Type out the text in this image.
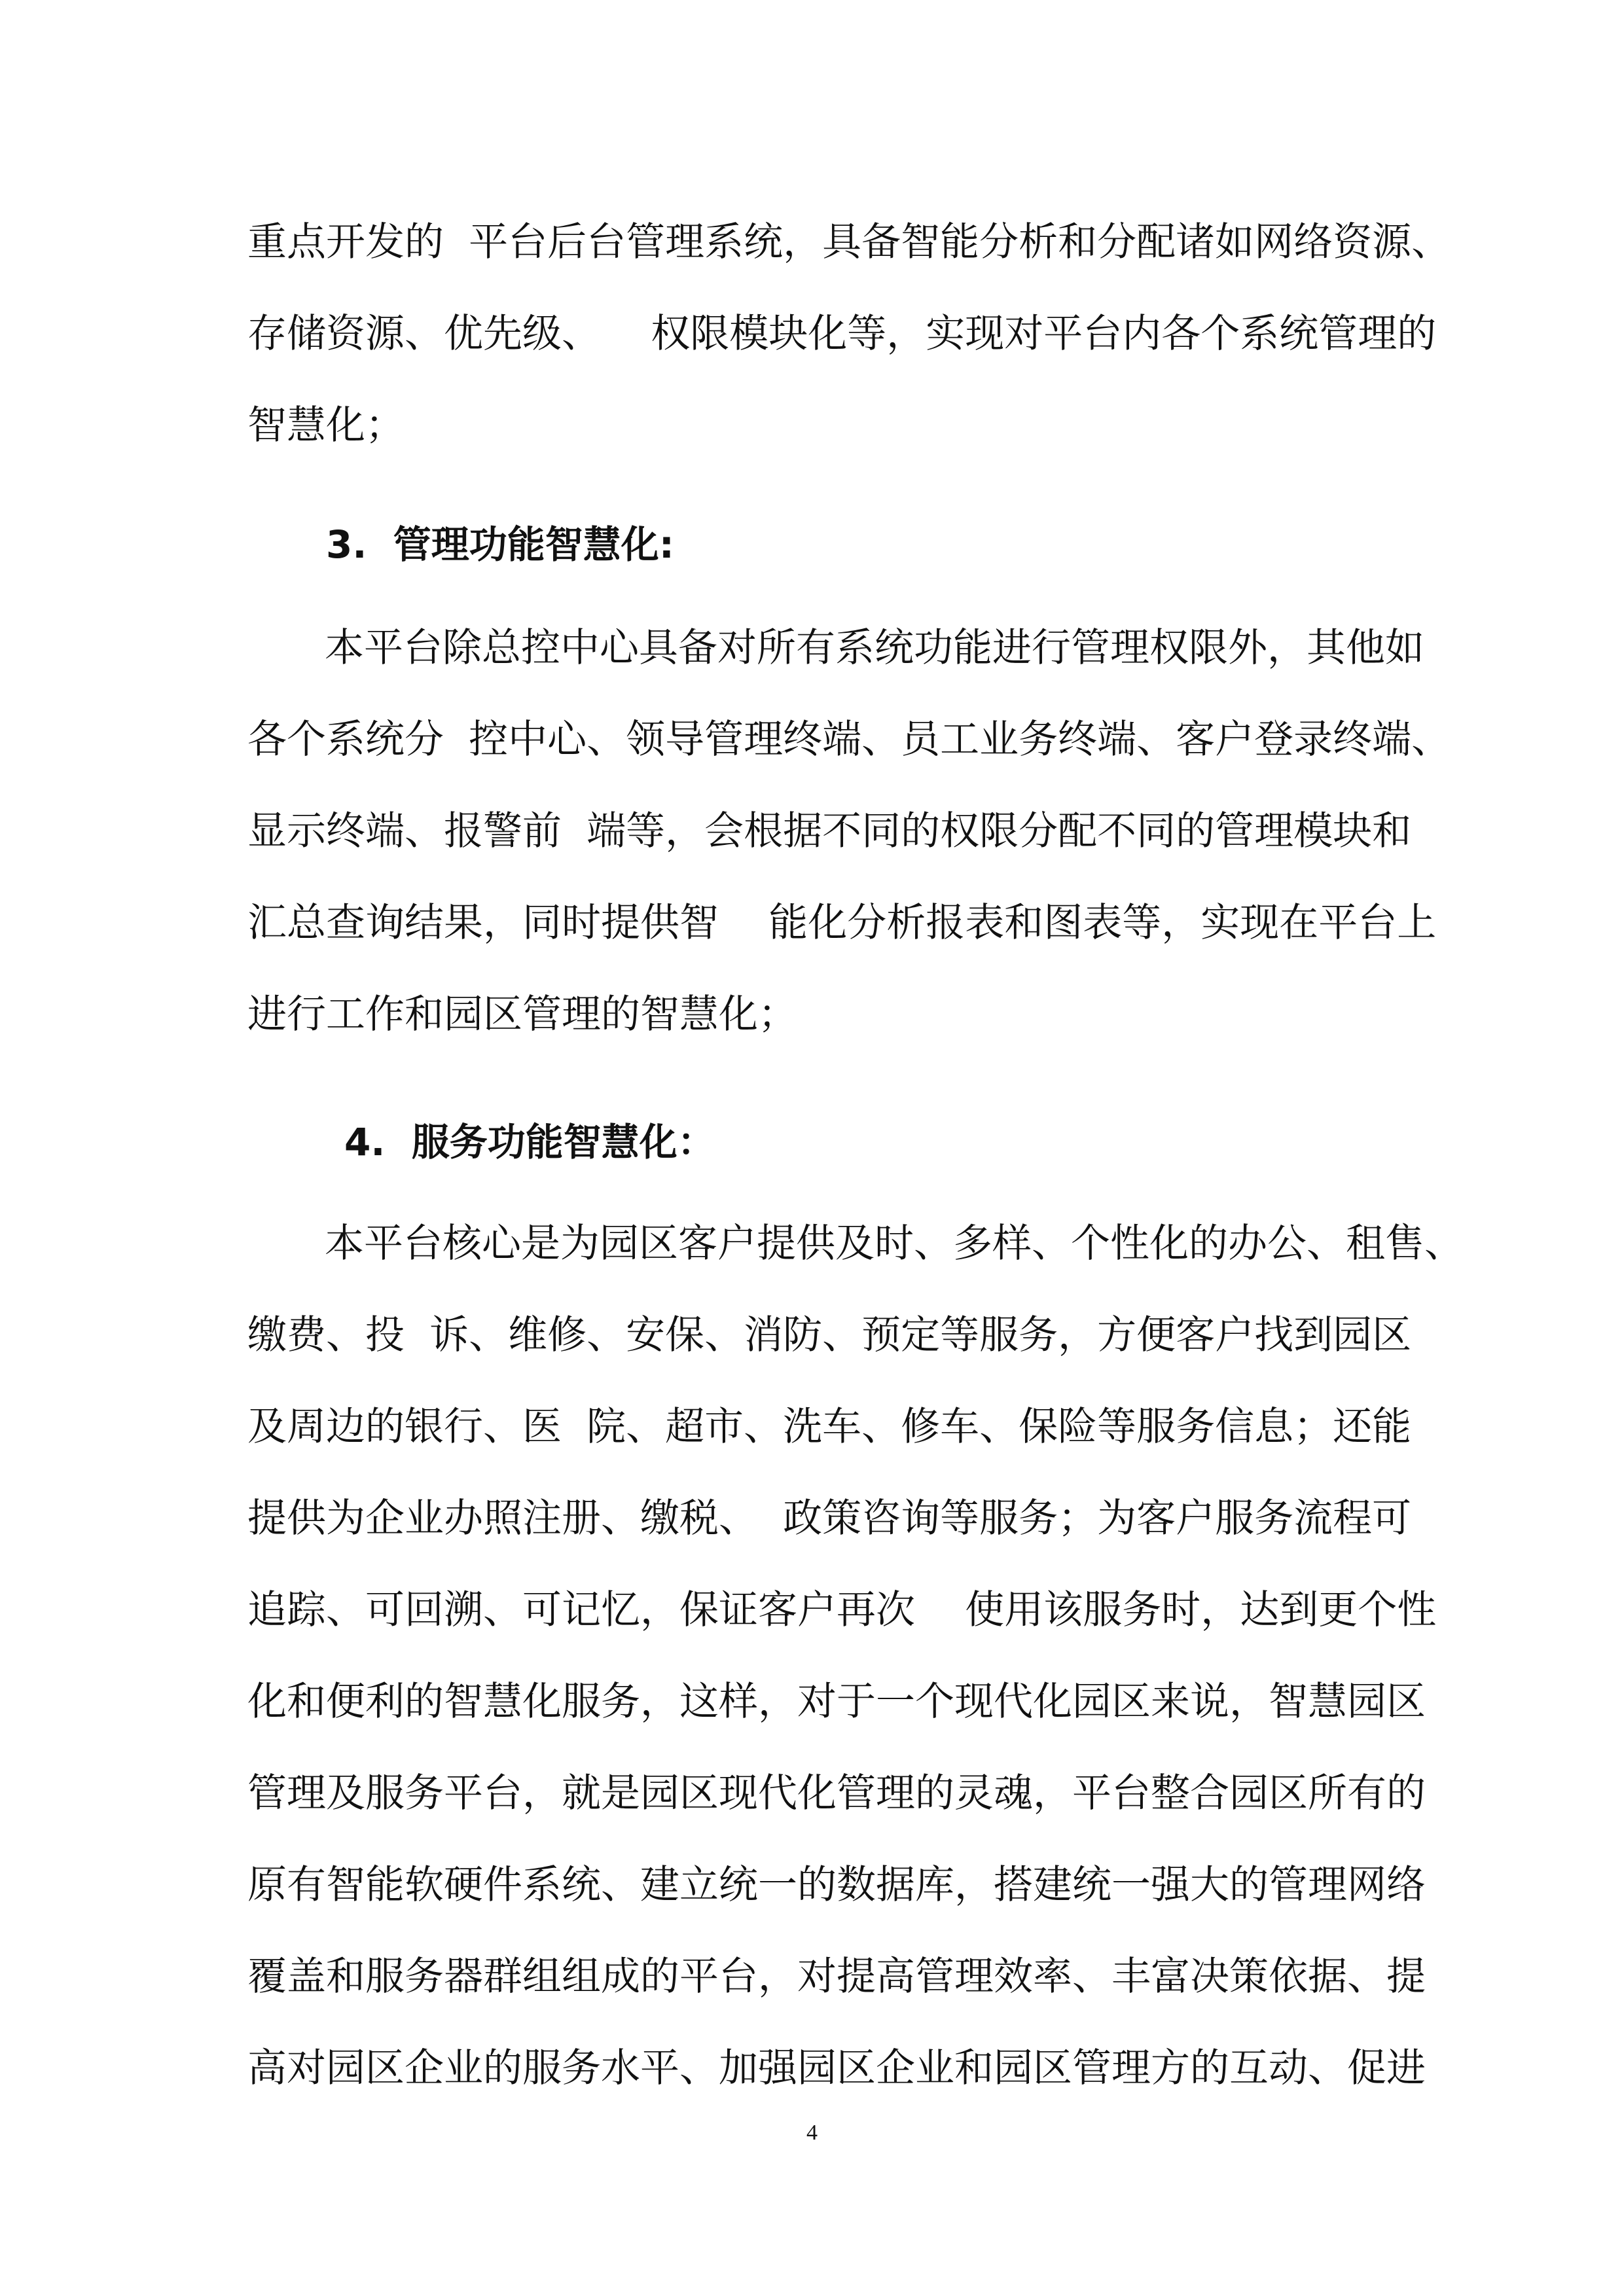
重点开发的  平台后台管理系统，具备智能分析和分配诸如网络资源、
存储资源、优先级、    权限模块化等，实现对平台内各个系统管理的
智慧化；
3.  管理功能智慧化:
本平台除总控中心具备对所有系统功能进行管理权限外，其他如
各个系统分  控中心、领导管理终端、员工业务终端、客户登录终端、
显示终端、报警前  端等，会根据不同的权限分配不同的管理模块和
汇总查询结果，同时提供智    能化分析报表和图表等，实现在平台上
进行工作和园区管理的智慧化；
4.  服务功能智慧化：
本平台核心是为园区客户提供及时、多样、个性化的办公、租售、
缴费、投  诉、维修、安保、消防、预定等服务，方便客户找到园区
及周边的银行、医  院、超市、洗车、修车、保险等服务信息；还能
提供为企业办照注册、缴税、  政策咨询等服务；为客户服务流程可
追踪、可回溯、可记忆，保证客户再次    使用该服务时，达到更个性
化和便利的智慧化服务，这样，对于一个现代化园区来说，智慧园区
管理及服务平台，就是园区现代化管理的灵魂，平台整合园区所有的
原有智能软硬件系统、建立统一的数据库，搭建统一强大的管理网络
覆盖和服务器群组组成的平台，对提高管理效率、丰富决策依据、提
高对园区企业的服务水平、加强园区企业和园区管理方的互动、促进
4
